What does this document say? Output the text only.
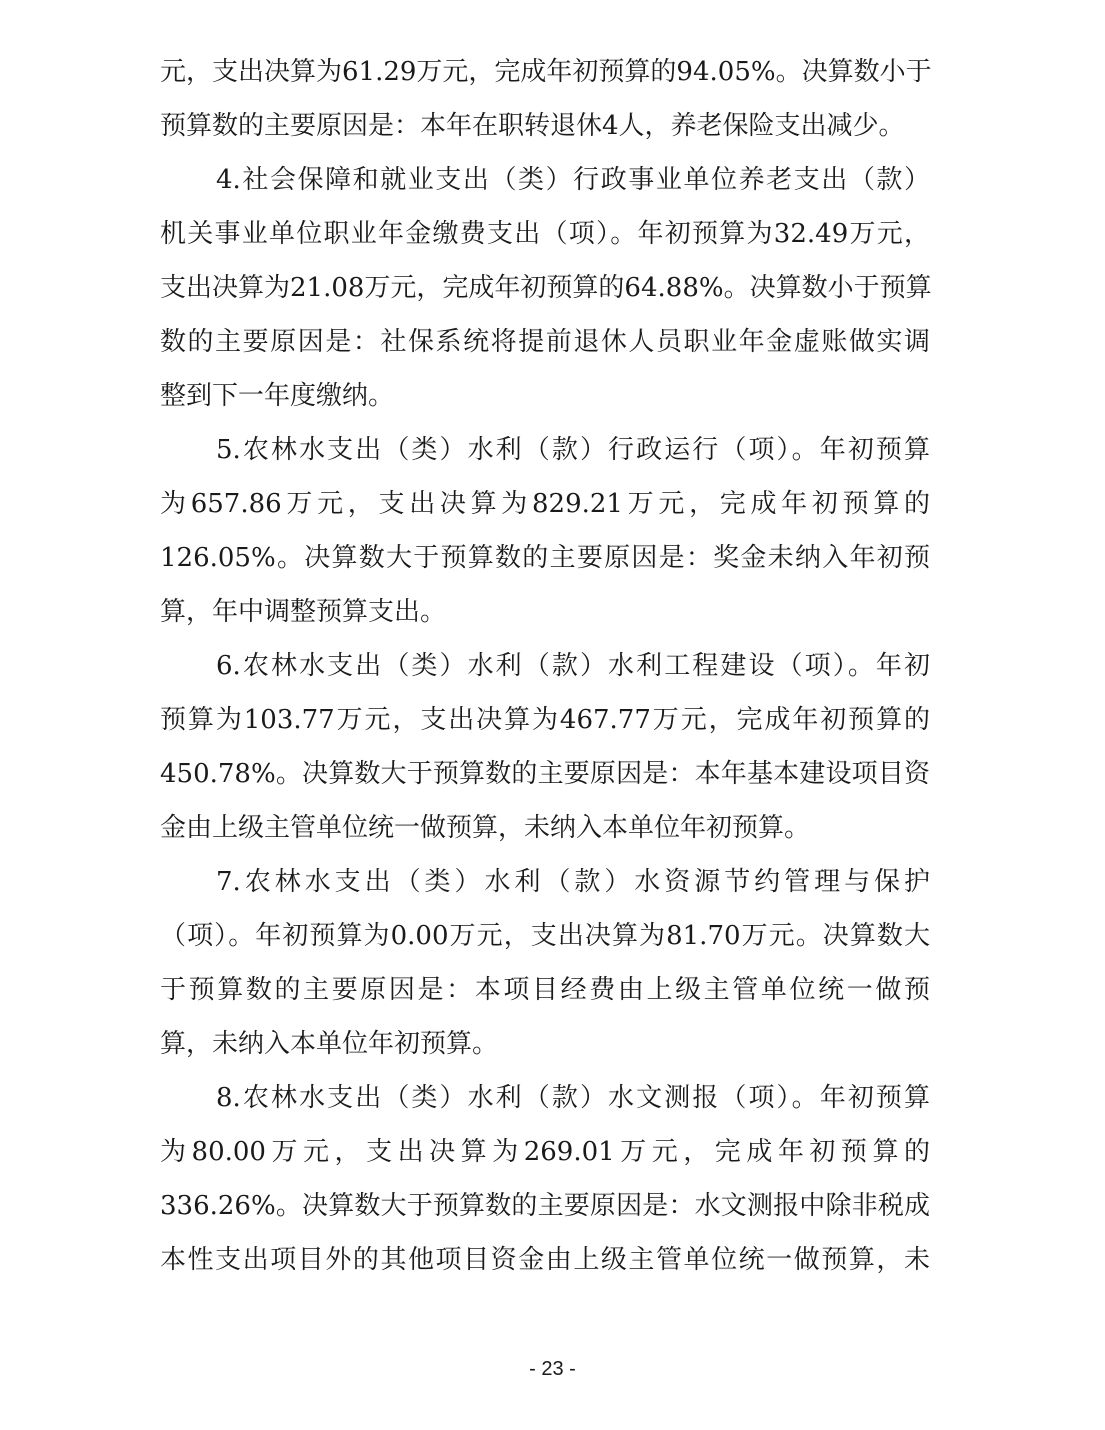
元，支出决算为61.29万元，完成年初预算的94.05%。决算数小于
预算数的主要原因是：本年在职转退休4人，养老保险支出减少。
4.社会保障和就业支出（类）行政事业单位养老支出（款）
机关事业单位职业年金缴费支出（项）。年初预算为32.49万元，
支出决算为21.08万元，完成年初预算的64.88%。决算数小于预算
数的主要原因是：社保系统将提前退休人员职业年金虚账做实调
整到下一年度缴纳。
5.农林水支出（类）水利（款）行政运行（项）。年初预算
为657.86万元，支出决算为829.21万元，完成年初预算的
126.05%。决算数大于预算数的主要原因是：奖金未纳入年初预
算，年中调整预算支出。
6.农林水支出（类）水利（款）水利工程建设（项）。年初
预算为103.77万元，支出决算为467.77万元，完成年初预算的
450.78%。决算数大于预算数的主要原因是：本年基本建设项目资
金由上级主管单位统一做预算，未纳入本单位年初预算。
7.农林水支出（类）水利（款）水资源节约管理与保护
（项）。年初预算为0.00万元，支出决算为81.70万元。决算数大
于预算数的主要原因是：本项目经费由上级主管单位统一做预
算，未纳入本单位年初预算。
8.农林水支出（类）水利（款）水文测报（项）。年初预算
为80.00万元，支出决算为269.01万元，完成年初预算的
336.26%。决算数大于预算数的主要原因是：水文测报中除非税成
本性支出项目外的其他项目资金由上级主管单位统一做预算，未
- 23 -
